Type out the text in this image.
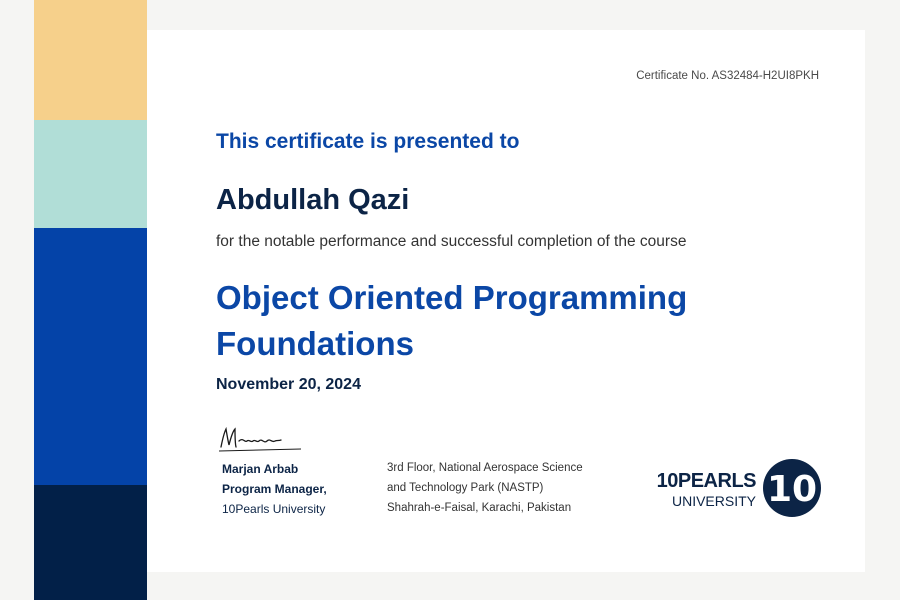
Certificate No. AS32484-H2UI8PKH
This certificate is presented to
Abdullah Qazi
for the notable performance and successful completion of the course
Object Oriented Programming
Foundations
November 20, 2024
Marjan Arbab
Program Manager,
10Pearls University
3rd Floor, National Aerospace Science
and Technology Park (NASTP)
Shahrah-e-Faisal, Karachi, Pakistan
10PEARLS
UNIVERSITY 10
